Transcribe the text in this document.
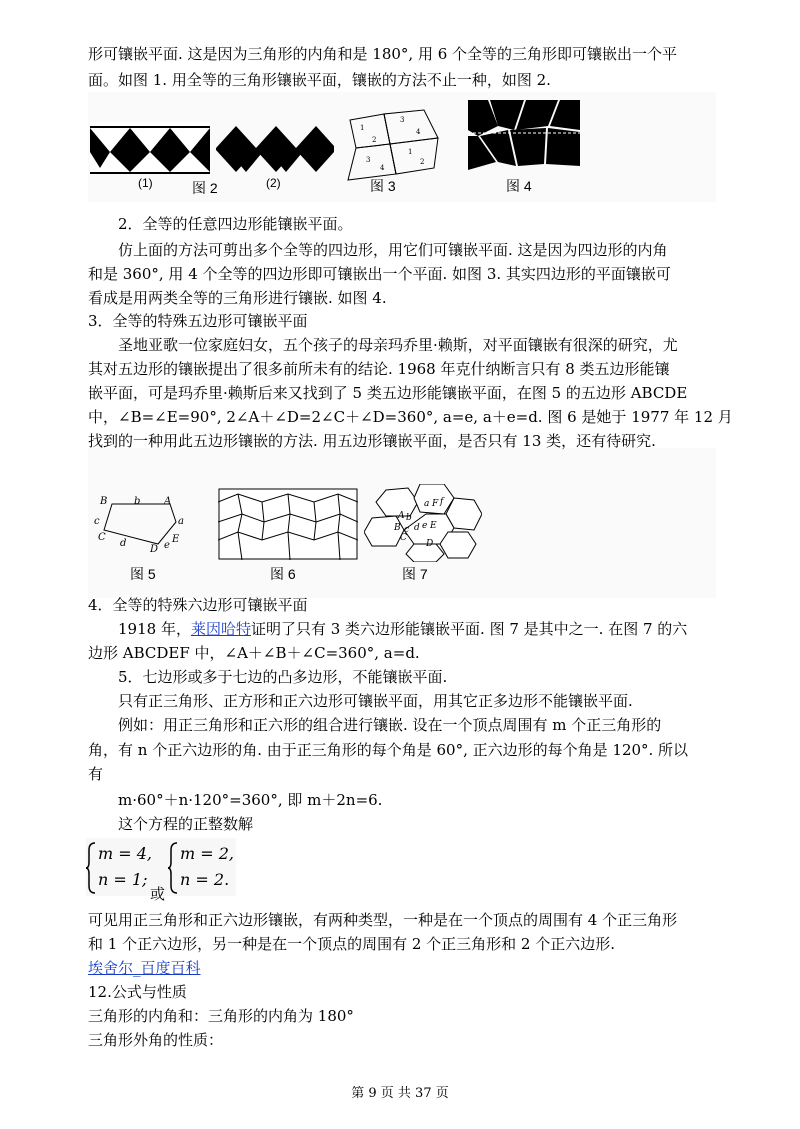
形可镶嵌平面. 这是因为三角形的内角和是 180°, 用 6 个全等的三角形即可镶嵌出一个平
面。如图 1. 用全等的三角形镶嵌平面，镶嵌的方法不止一种，如图 2.
(1)	图 2	(2)
1
2
3
4
3
4
1
2
图 3	图 4
2．全等的任意四边形能镶嵌平面。
仿上面的方法可剪出多个全等的四边形，用它们可镶嵌平面. 这是因为四边形的内角
和是 360°, 用 4 个全等的四边形即可镶嵌出一个平面. 如图 3. 其实四边形的平面镶嵌可
看成是用两类全等的三角形进行镶嵌. 如图 4.
3．全等的特殊五边形可镶嵌平面
圣地亚歌一位家庭妇女，五个孩子的母亲玛乔里·赖斯，对平面镶嵌有很深的研究，尤
其对五边形的镶嵌提出了很多前所未有的结论. 1968 年克什纳断言只有 8 类五边形能镶
嵌平面，可是玛乔里·赖斯后来又找到了 5 类五边形能镶嵌平面，在图 5 的五边形 ABCDE
中，∠B=∠E=90°, 2∠A＋∠D=2∠C＋∠D=360°, a=e, a＋e=d. 图 6 是她于 1977 年 12 月
找到的一种用此五边形镶嵌的方法. 用五边形镶嵌平面，是否只有 13 类，还有待研究.
B	b A
c	a
C
d
D e
E
图 5	图 6
a F f
A b
B c d e E
C
D
图 7
4．全等的特殊六边形可镶嵌平面
1918 年，莱因哈特证明了只有 3 类六边形能镶嵌平面. 图 7 是其中之一. 在图 7 的六
边形 ABCDEF 中，∠A＋∠B＋∠C=360°, a=d.
5．七边形或多于七边的凸多边形，不能镶嵌平面.
只有正三角形、正方形和正六边形可镶嵌平面，用其它正多边形不能镶嵌平面.
例如：用正三角形和正六形的组合进行镶嵌. 设在一个顶点周围有 m 个正三角形的
角，有 n 个正六边形的角. 由于正三角形的每个角是 60°, 正六边形的每个角是 120°. 所以
有
m·60°＋n·120°=360°, 即 m＋2n=6.
这个方程的正整数解
m = 4,
n = 1;
m = 2,
n = 2.
或
可见用正三角形和正六边形镶嵌，有两种类型，一种是在一个顶点的周围有 4 个正三角形
和 1 个正六边形，另一种是在一个顶点的周围有 2 个正三角形和 2 个正六边形.
埃舍尔_百度百科
12.公式与性质
三角形的内角和：三角形的内角为 180°
三角形外角的性质：
第 9 页 共 37 页
